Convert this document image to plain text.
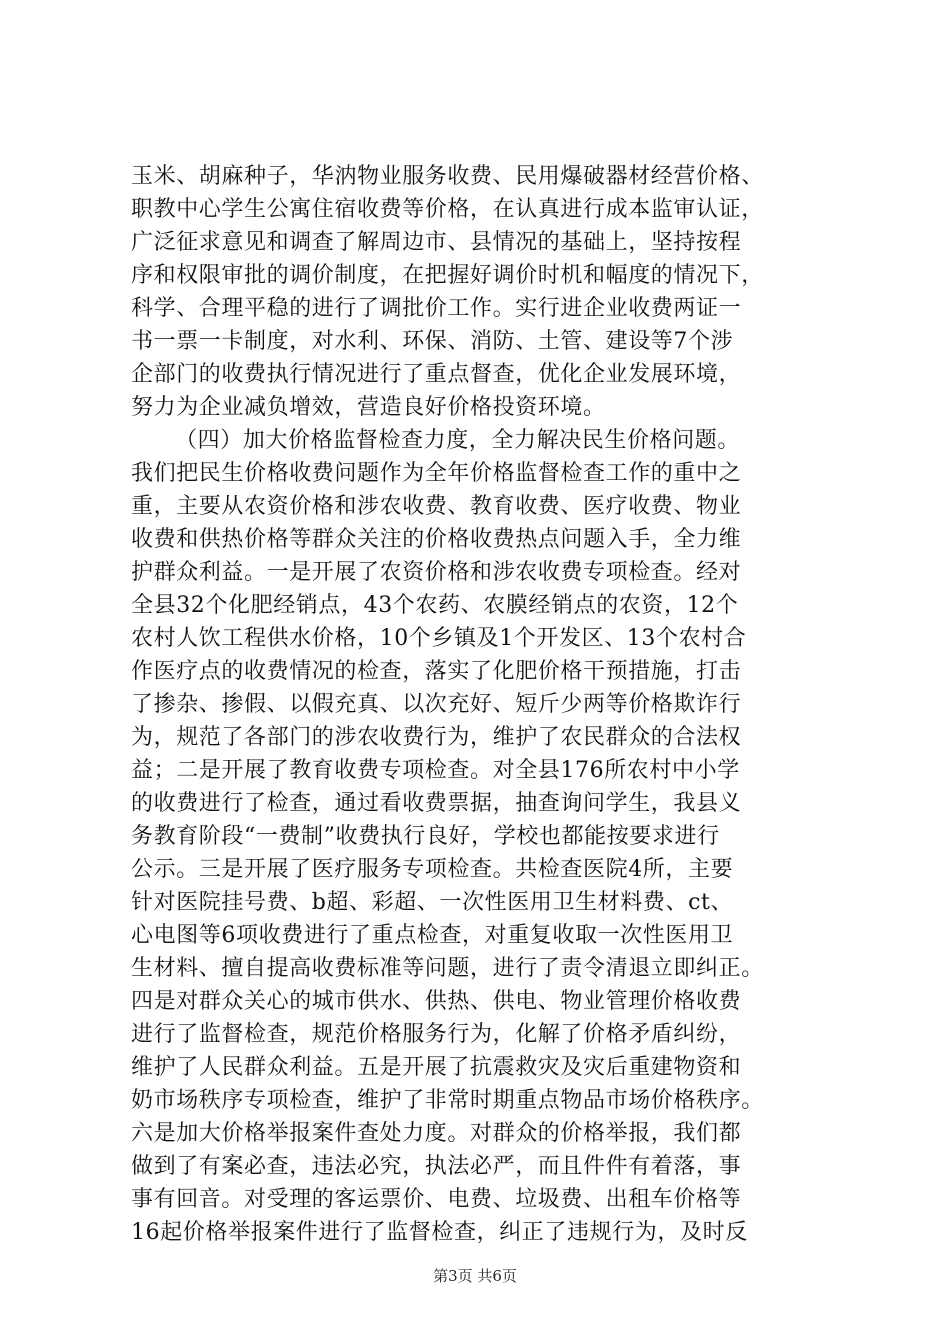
玉米、胡麻种子，华汭物业服务收费、民用爆破器材经营价格、
职教中心学生公寓住宿收费等价格，在认真进行成本监审认证，
广泛征求意见和调查了解周边市、县情况的基础上，坚持按程
序和权限审批的调价制度，在把握好调价时机和幅度的情况下，
科学、合理平稳的进行了调批价工作。实行进企业收费两证一
书一票一卡制度，对水利、环保、消防、土管、建设等7个涉
企部门的收费执行情况进行了重点督查，优化企业发展环境，
努力为企业减负增效，营造良好价格投资环境。
（四）加大价格监督检查力度，全力解决民生价格问题。
我们把民生价格收费问题作为全年价格监督检查工作的重中之
重，主要从农资价格和涉农收费、教育收费、医疗收费、物业
收费和供热价格等群众关注的价格收费热点问题入手，全力维
护群众利益。一是开展了农资价格和涉农收费专项检查。经对
全县32个化肥经销点，43个农药、农膜经销点的农资，12个
农村人饮工程供水价格，10个乡镇及1个开发区、13个农村合
作医疗点的收费情况的检查，落实了化肥价格干预措施，打击
了掺杂、掺假、以假充真、以次充好、短斤少两等价格欺诈行
为，规范了各部门的涉农收费行为，维护了农民群众的合法权
益；二是开展了教育收费专项检查。对全县176所农村中小学
的收费进行了检查，通过看收费票据，抽查询问学生，我县义
务教育阶段“一费制”收费执行良好，学校也都能按要求进行
公示。三是开展了医疗服务专项检查。共检查医院4所，主要
针对医院挂号费、b超、彩超、一次性医用卫生材料费、ct、
心电图等6项收费进行了重点检查，对重复收取一次性医用卫
生材料、擅自提高收费标准等问题，进行了责令清退立即纠正。
四是对群众关心的城市供水、供热、供电、物业管理价格收费
进行了监督检查，规范价格服务行为，化解了价格矛盾纠纷，
维护了人民群众利益。五是开展了抗震救灾及灾后重建物资和
奶市场秩序专项检查，维护了非常时期重点物品市场价格秩序。
六是加大价格举报案件查处力度。对群众的价格举报，我们都
做到了有案必查，违法必究，执法必严，而且件件有着落，事
事有回音。对受理的客运票价、电费、垃圾费、出租车价格等
16起价格举报案件进行了监督检查，纠正了违规行为，及时反
第3页 共6页
